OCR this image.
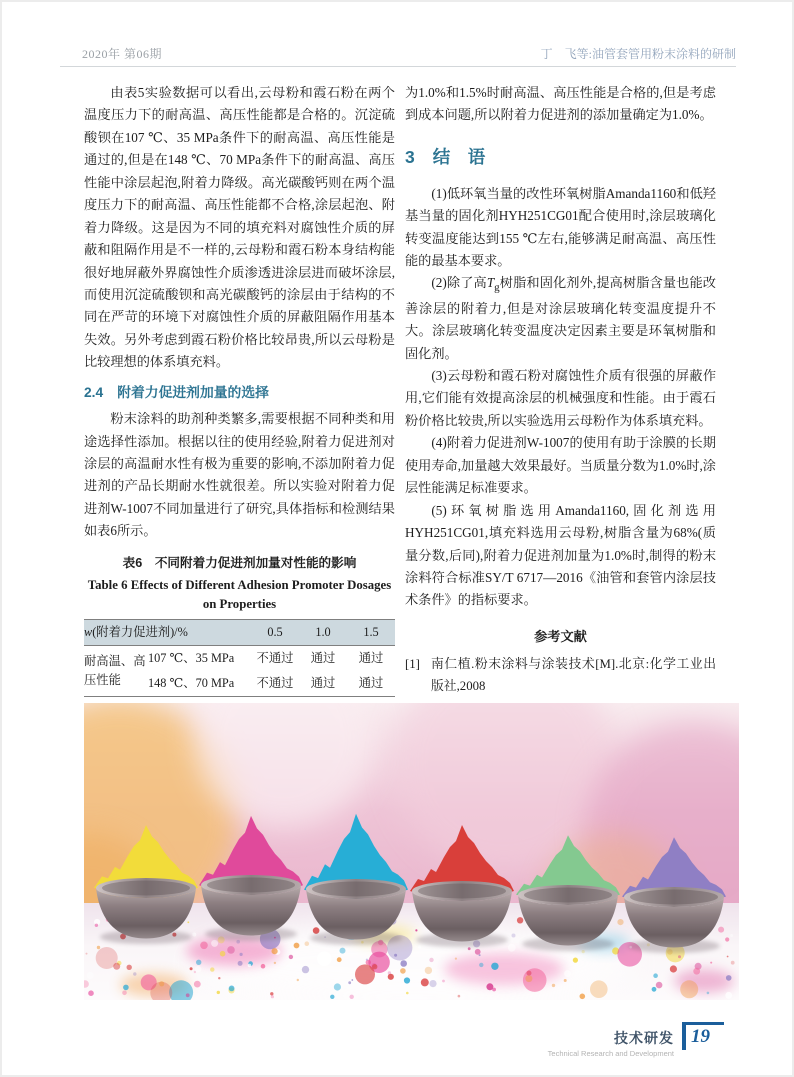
2020年 第06期	丁　飞等:油管套管用粉末涂料的研制

由表5实验数据可以看出,云母粉和霞石粉在两个温度压力下的耐高温、高压性能都是合格的。沉淀硫酸钡在107 ℃、35 MPa条件下的耐高温、高压性能是通过的,但是在148 ℃、70 MPa条件下的耐高温、高压性能中涂层起泡,附着力降级。高光碳酸钙则在两个温度压力下的耐高温、高压性能都不合格,涂层起泡、附着力降级。这是因为不同的填充料对腐蚀性介质的屏蔽和阻隔作用是不一样的,云母粉和霞石粉本身结构能很好地屏蔽外界腐蚀性介质渗透进涂层进而破坏涂层,而使用沉淀硫酸钡和高光碳酸钙的涂层由于结构的不同在严苛的环境下对腐蚀性介质的屏蔽阻隔作用基本失效。另外考虑到霞石粉价格比较昂贵,所以云母粉是比较理想的体系填充料。

2.4 附着力促进剂加量的选择

粉末涂料的助剂种类繁多,需要根据不同种类和用途选择性添加。根据以往的使用经验,附着力促进剂对涂层的高温耐水性有极为重要的影响,不添加附着力促进剂的产品长期耐水性就很差。所以实验对附着力促进剂W-1007不同加量进行了研究,具体指标和检测结果如表6所示。

表6　不同附着力促进剂加量对性能的影响
Table 6 Effects of Different Adhesion Promoter Dosages on Properties
w(附着力促进剂)/%		0.5	1.0	1.5
耐高温、高压性能	107 ℃、35 MPa	不通过	通过	通过
	148 ℃、70 MPa	不通过	通过	通过

为1.0%和1.5%时耐高温、高压性能是合格的,但是考虑到成本问题,所以附着力促进剂的添加量确定为1.0%。

3 结　语

(1)低环氧当量的改性环氧树脂Amanda1160和低羟基当量的固化剂HYH251CG01配合使用时,涂层玻璃化转变温度能达到155 ℃左右,能够满足耐高温、高压性能的最基本要求。

(2)除了高$T_g$树脂和固化剂外,提高树脂含量也能改善涂层的附着力,但是对涂层玻璃化转变温度提升不大。涂层玻璃化转变温度决定因素主要是环氧树脂和固化剂。

(3)云母粉和霞石粉对腐蚀性介质有很强的屏蔽作用,它们能有效提高涂层的机械强度和性能。由于霞石粉价格比较贵,所以实验选用云母粉作为体系填充料。

(4)附着力促进剂W-1007的使用有助于涂膜的长期使用寿命,加量越大效果最好。当质量分数为1.0%时,涂层性能满足标准要求。

(5)环氧树脂选用Amanda1160,固化剂选用HYH251CG01,填充料选用云母粉,树脂含量为68%(质量分数,后同),附着力促进剂加量为1.0%时,制得的粉末涂料符合标准SY/T 6717—2016《油管和套管内涂层技术条件》的指标要求。

参考文献
[1] 南仁植.粉末涂料与涂装技术[M].北京:化学工业出版社,2008
技术研发
Technical Research and Development
19
